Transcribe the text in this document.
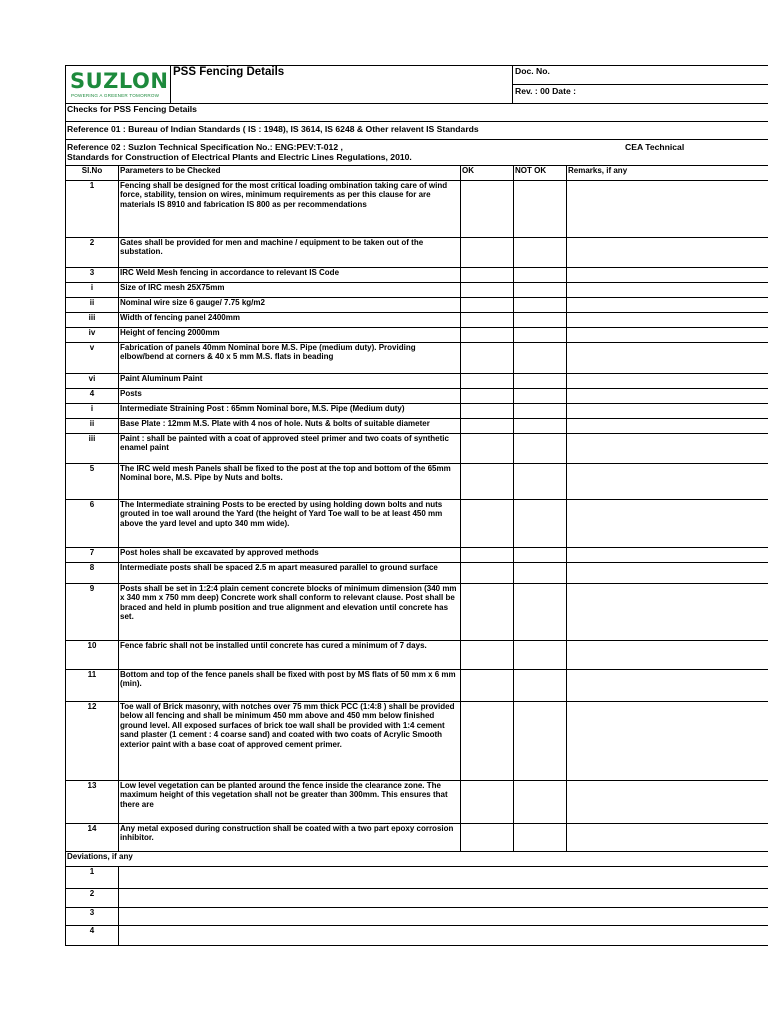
SUZLON
POWERING A GREENER TOMORROW
PSS Fencing Details	Doc. No.
Rev. : 00 Date :
Checks for PSS Fencing Details
Reference 01 : Bureau of Indian Standards ( IS : 1948), IS 3614, IS 6248 & Other relavent IS Standards
Reference 02 : Suzlon Technical Specification No.: ENG:PEV:T-012 ,	CEA Technical
Standards for Construction of Electrical Plants and Electric Lines Regulations, 2010.
Sl.No	Parameters to be Checked	OK	NOT OK	Remarks, if any
1	Fencing shall be designed for the most critical loading ombination taking care of wind force, stability, tension on wires, minimum requirements as per this clause for are materials IS 8910 and fabrication IS 800 as per recommendations			
2	Gates shall be provided for men and machine / equipment to be taken out of the substation.			
3	IRC Weld Mesh fencing in accordance to relevant IS Code			
i	Size of IRC mesh 25X75mm			
ii	Nominal wire size 6 gauge/ 7.75 kg/m2			
iii	Width of fencing panel 2400mm			
iv	Height of fencing 2000mm			
v	Fabrication of panels 40mm Nominal bore M.S. Pipe (medium duty). Providing elbow/bend at corners & 40 x 5 mm M.S. flats in beading			
vi	Paint Aluminum Paint			
4	Posts			
i	Intermediate Straining Post : 65mm Nominal bore, M.S. Pipe (Medium duty)			
ii	Base Plate : 12mm M.S. Plate with 4 nos of hole. Nuts & bolts of suitable diameter			
iii	Paint : shall be painted with a coat of approved steel primer and two coats of synthetic enamel paint			
5	The IRC weld mesh Panels shall be fixed to the post at the top and bottom of the 65mm Nominal bore, M.S. Pipe by Nuts and bolts.			
6	The Intermediate straining Posts to be erected by using holding down bolts and nuts grouted in toe wall around the Yard (the height of Yard Toe wall to be at least 450 mm above the yard level and upto 340 mm wide).			
7	Post holes shall be excavated by approved methods			
8	Intermediate posts shall be spaced 2.5 m apart measured parallel to ground surface			
9	Posts shall be set in 1:2:4 plain cement concrete blocks of minimum dimension (340 mm x 340 mm x 750 mm deep) Concrete work shall conform to relevant clause. Post shall be braced and held in plumb position and true alignment and elevation until concrete has set.			
10	Fence fabric shall not be installed until concrete has cured a minimum of 7 days.			
11	Bottom and top of the fence panels shall be fixed with post by MS flats of 50 mm x 6 mm (min).			
12	Toe wall of Brick masonry, with notches over 75 mm thick PCC (1:4:8 ) shall be provided below all fencing and shall be minimum 450 mm above and 450 mm below finished ground level. All exposed surfaces of brick toe wall shall be provided with 1:4 cement sand plaster (1 cement : 4 coarse sand) and coated with two coats of Acrylic Smooth exterior paint with a base coat of approved cement primer.			
13	Low level vegetation can be planted around the fence inside the clearance zone. The maximum height of this vegetation shall not be greater than 300mm. This ensures that there are			
14	Any metal exposed during construction shall be coated with a two part epoxy corrosion inhibitor.			
Deviations, if any				
1				
2				
3				
4				
